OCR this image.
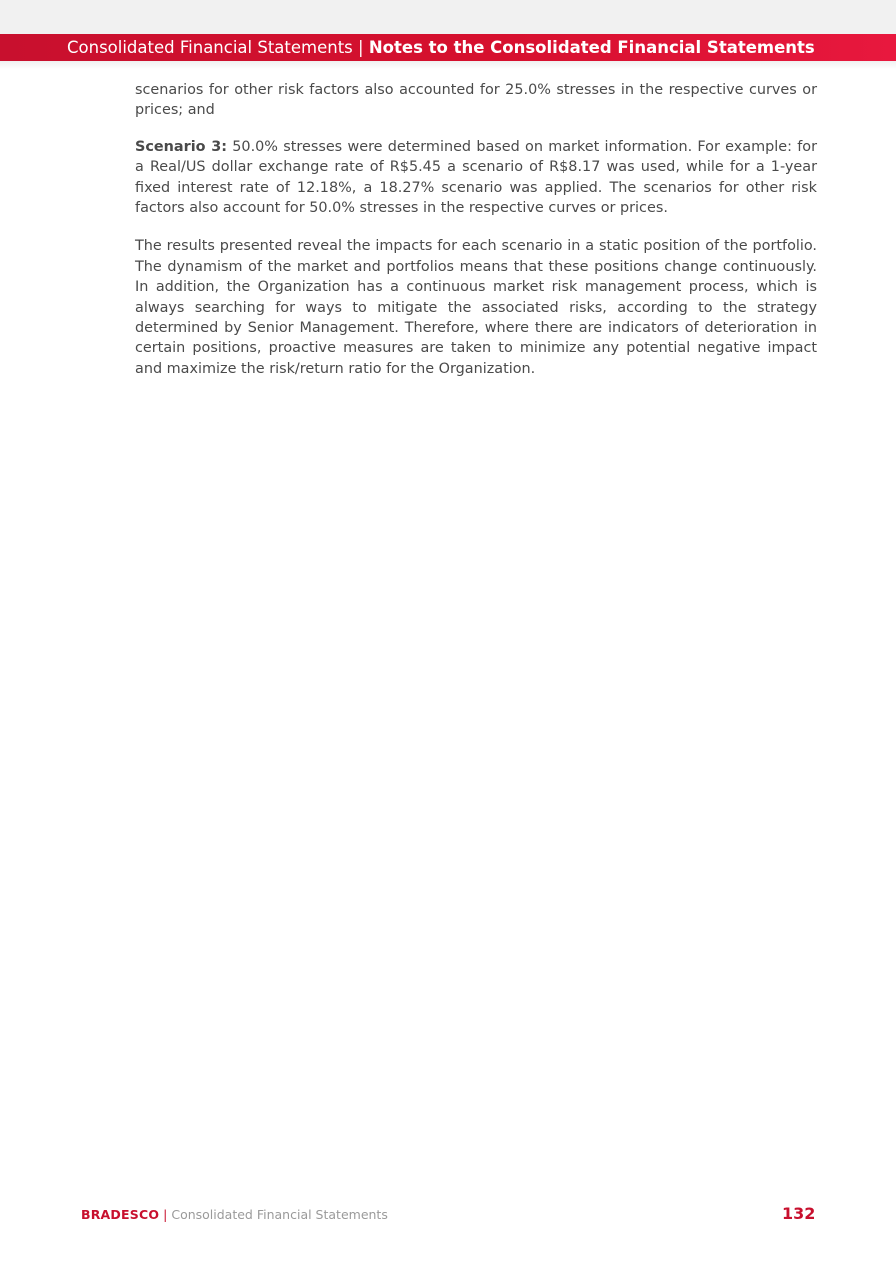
Consolidated Financial Statements | Notes to the Consolidated Financial Statements

scenarios for other risk factors also accounted for 25.0% stresses in the respective curves or prices; and

Scenario 3: 50.0% stresses were determined based on market information. For example: for a Real/US dollar exchange rate of R$5.45 a scenario of R$8.17 was used, while for a 1-year fixed interest rate of 12.18%, a 18.27% scenario was applied. The scenarios for other risk factors also account for 50.0% stresses in the respective curves or prices.

The results presented reveal the impacts for each scenario in a static position of the portfolio. The dynamism of the market and portfolios means that these positions change continuously. In addition, the Organization has a continuous market risk management process, which is always searching for ways to mitigate the associated risks, according to the strategy determined by Senior Management. Therefore, where there are indicators of deterioration in certain positions, proactive measures are taken to minimize any potential negative impact and maximize the risk/return ratio for the Organization.

BRADESCO | Consolidated Financial Statements	132
